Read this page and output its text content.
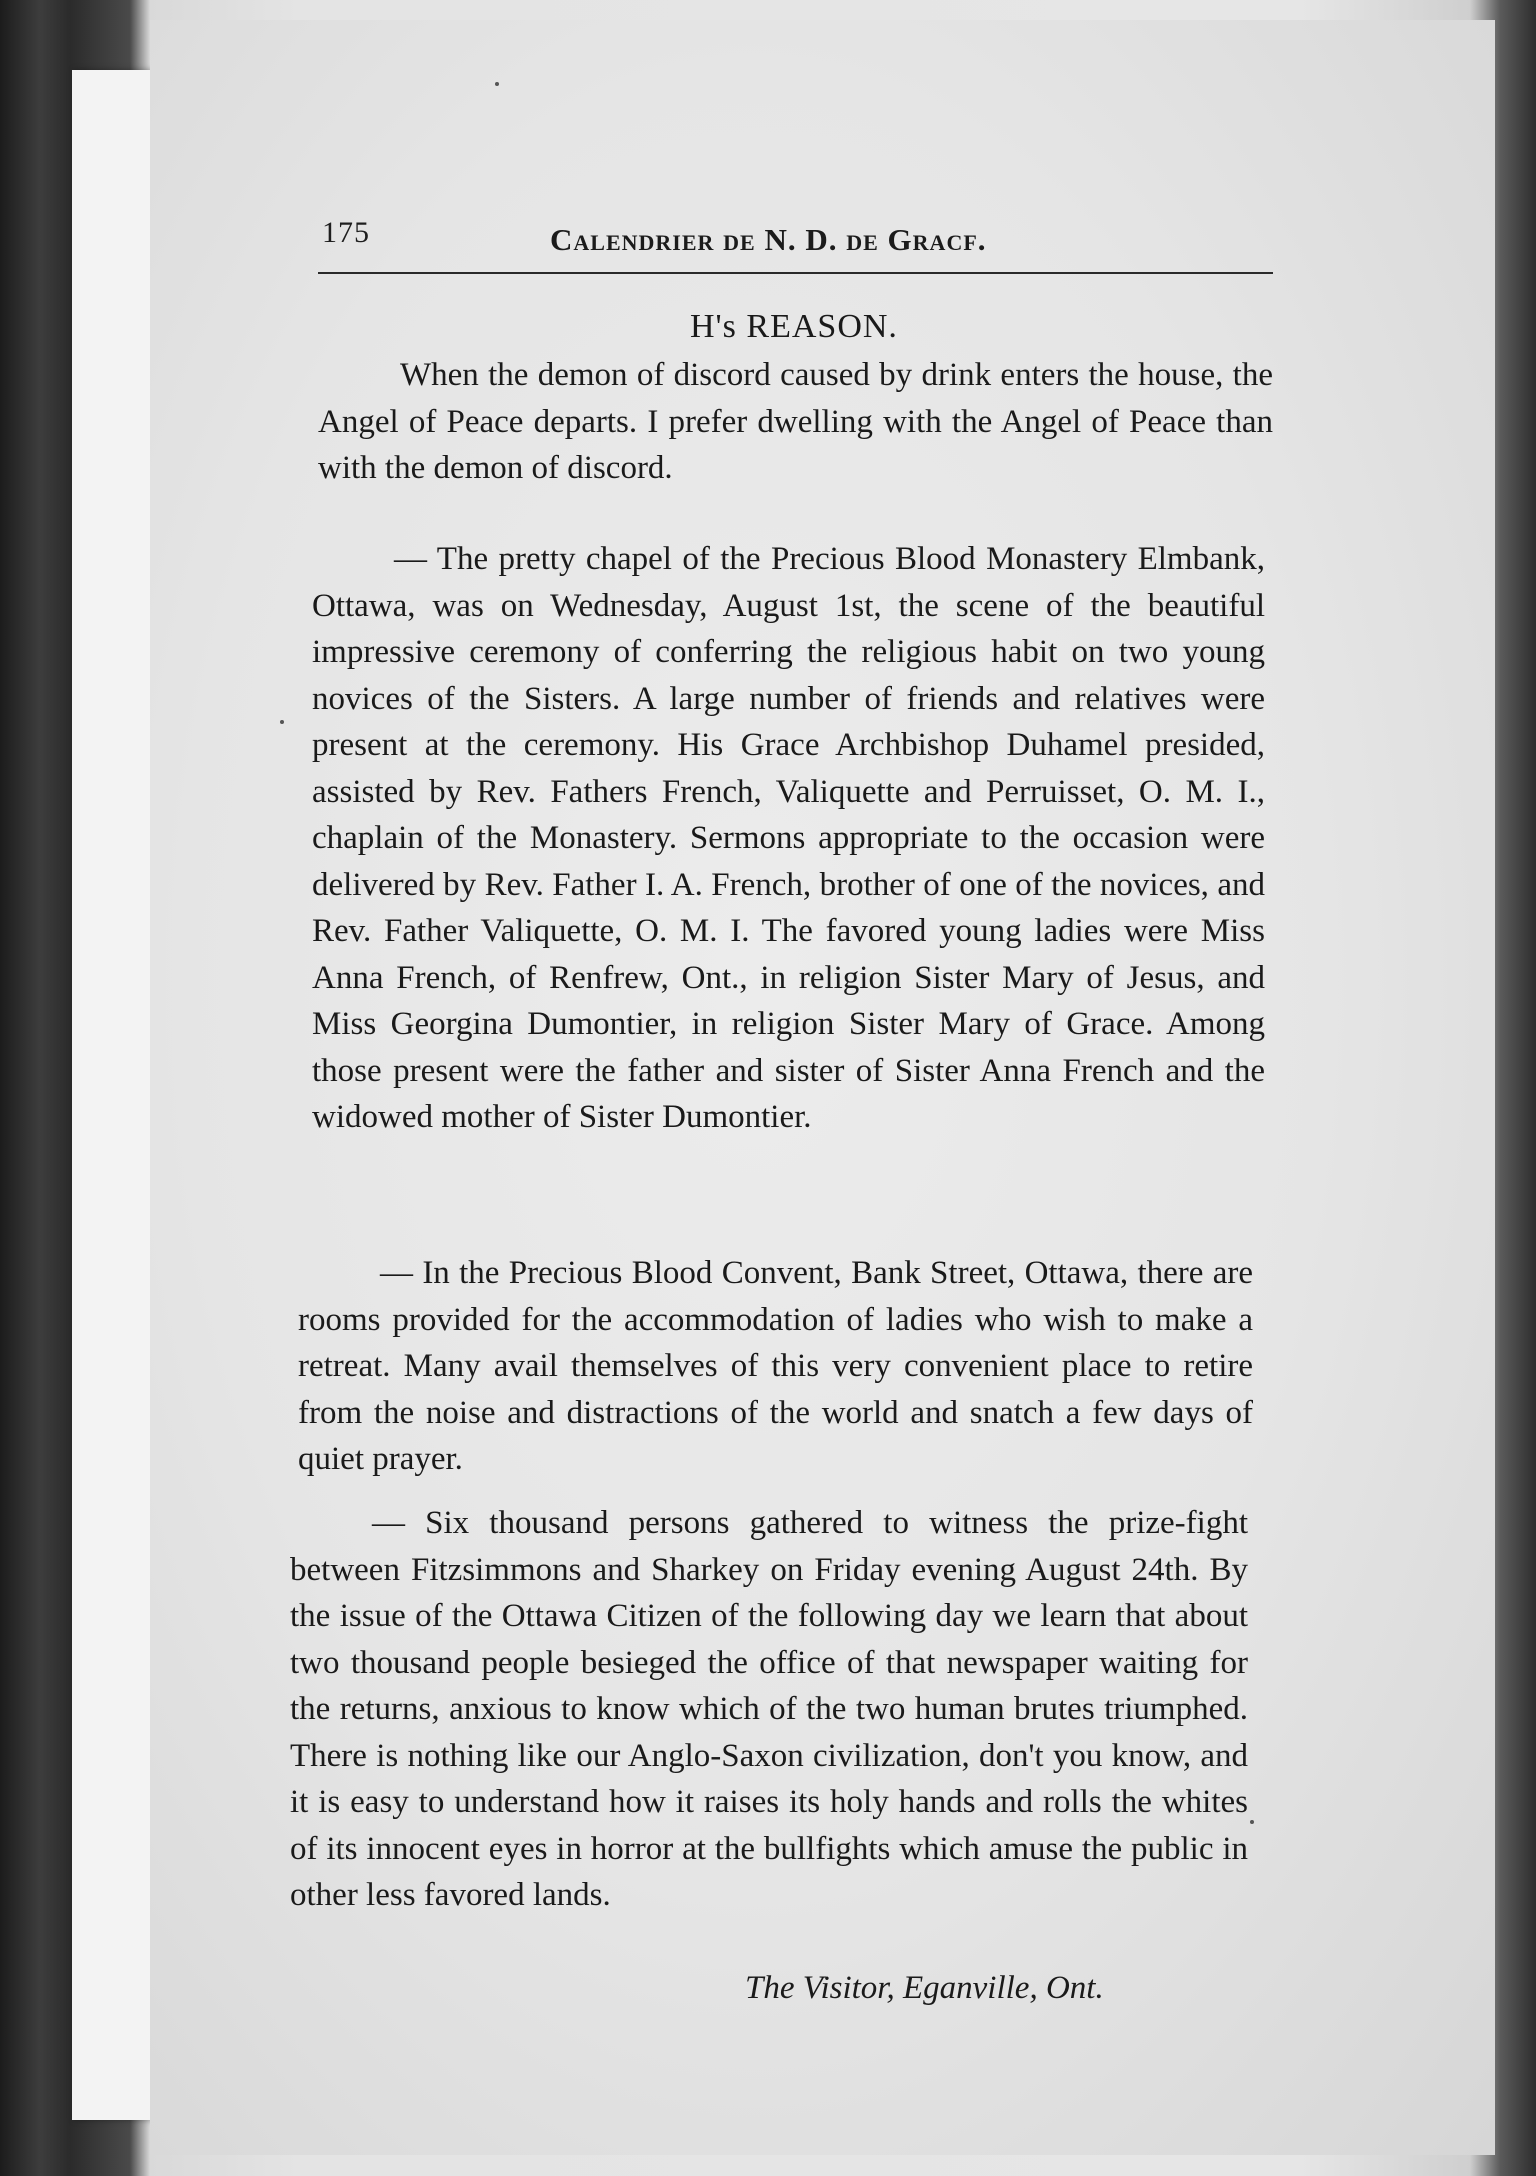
175	Calendrier de N. D. de Gracf.
H's REASON.

When the demon of discord caused by drink enters the house, the Angel of Peace departs. I prefer dwelling with the Angel of Peace than with the demon of discord.

— The pretty chapel of the Precious Blood Monastery Elmbank, Ottawa, was on Wednesday, August 1st, the scene of the beautiful impressive ceremony of conferring the religious habit on two young novices of the Sisters. A large number of friends and relatives were present at the ceremony. His Grace Archbishop Duhamel presided, assisted by Rev. Fathers French, Valiquette and Perruisset, O. M. I., chaplain of the Monastery. Sermons appropriate to the occasion were delivered by Rev. Father I. A. French, brother of one of the novices, and Rev. Father Valiquette, O. M. I. The favored young ladies were Miss Anna French, of Renfrew, Ont., in religion Sister Mary of Jesus, and Miss Georgina Dumontier, in religion Sister Mary of Grace. Among those present were the father and sister of Sister Anna French and the widowed mother of Sister Dumontier.

— In the Precious Blood Convent, Bank Street, Ottawa, there are rooms provided for the accommodation of ladies who wish to make a retreat. Many avail themselves of this very convenient place to retire from the noise and distractions of the world and snatch a few days of quiet prayer.

— Six thousand persons gathered to witness the prize-fight between Fitzsimmons and Sharkey on Friday evening August 24th. By the issue of the Ottawa Citizen of the following day we learn that about two thousand people besieged the office of that newspaper waiting for the returns, anxious to know which of the two human brutes triumphed. There is nothing like our Anglo-Saxon civilization, don't you know, and it is easy to understand how it raises its holy hands and rolls the whites of its innocent eyes in horror at the bullfights which amuse the public in other less favored lands.

The Visitor, Eganville, Ont.
